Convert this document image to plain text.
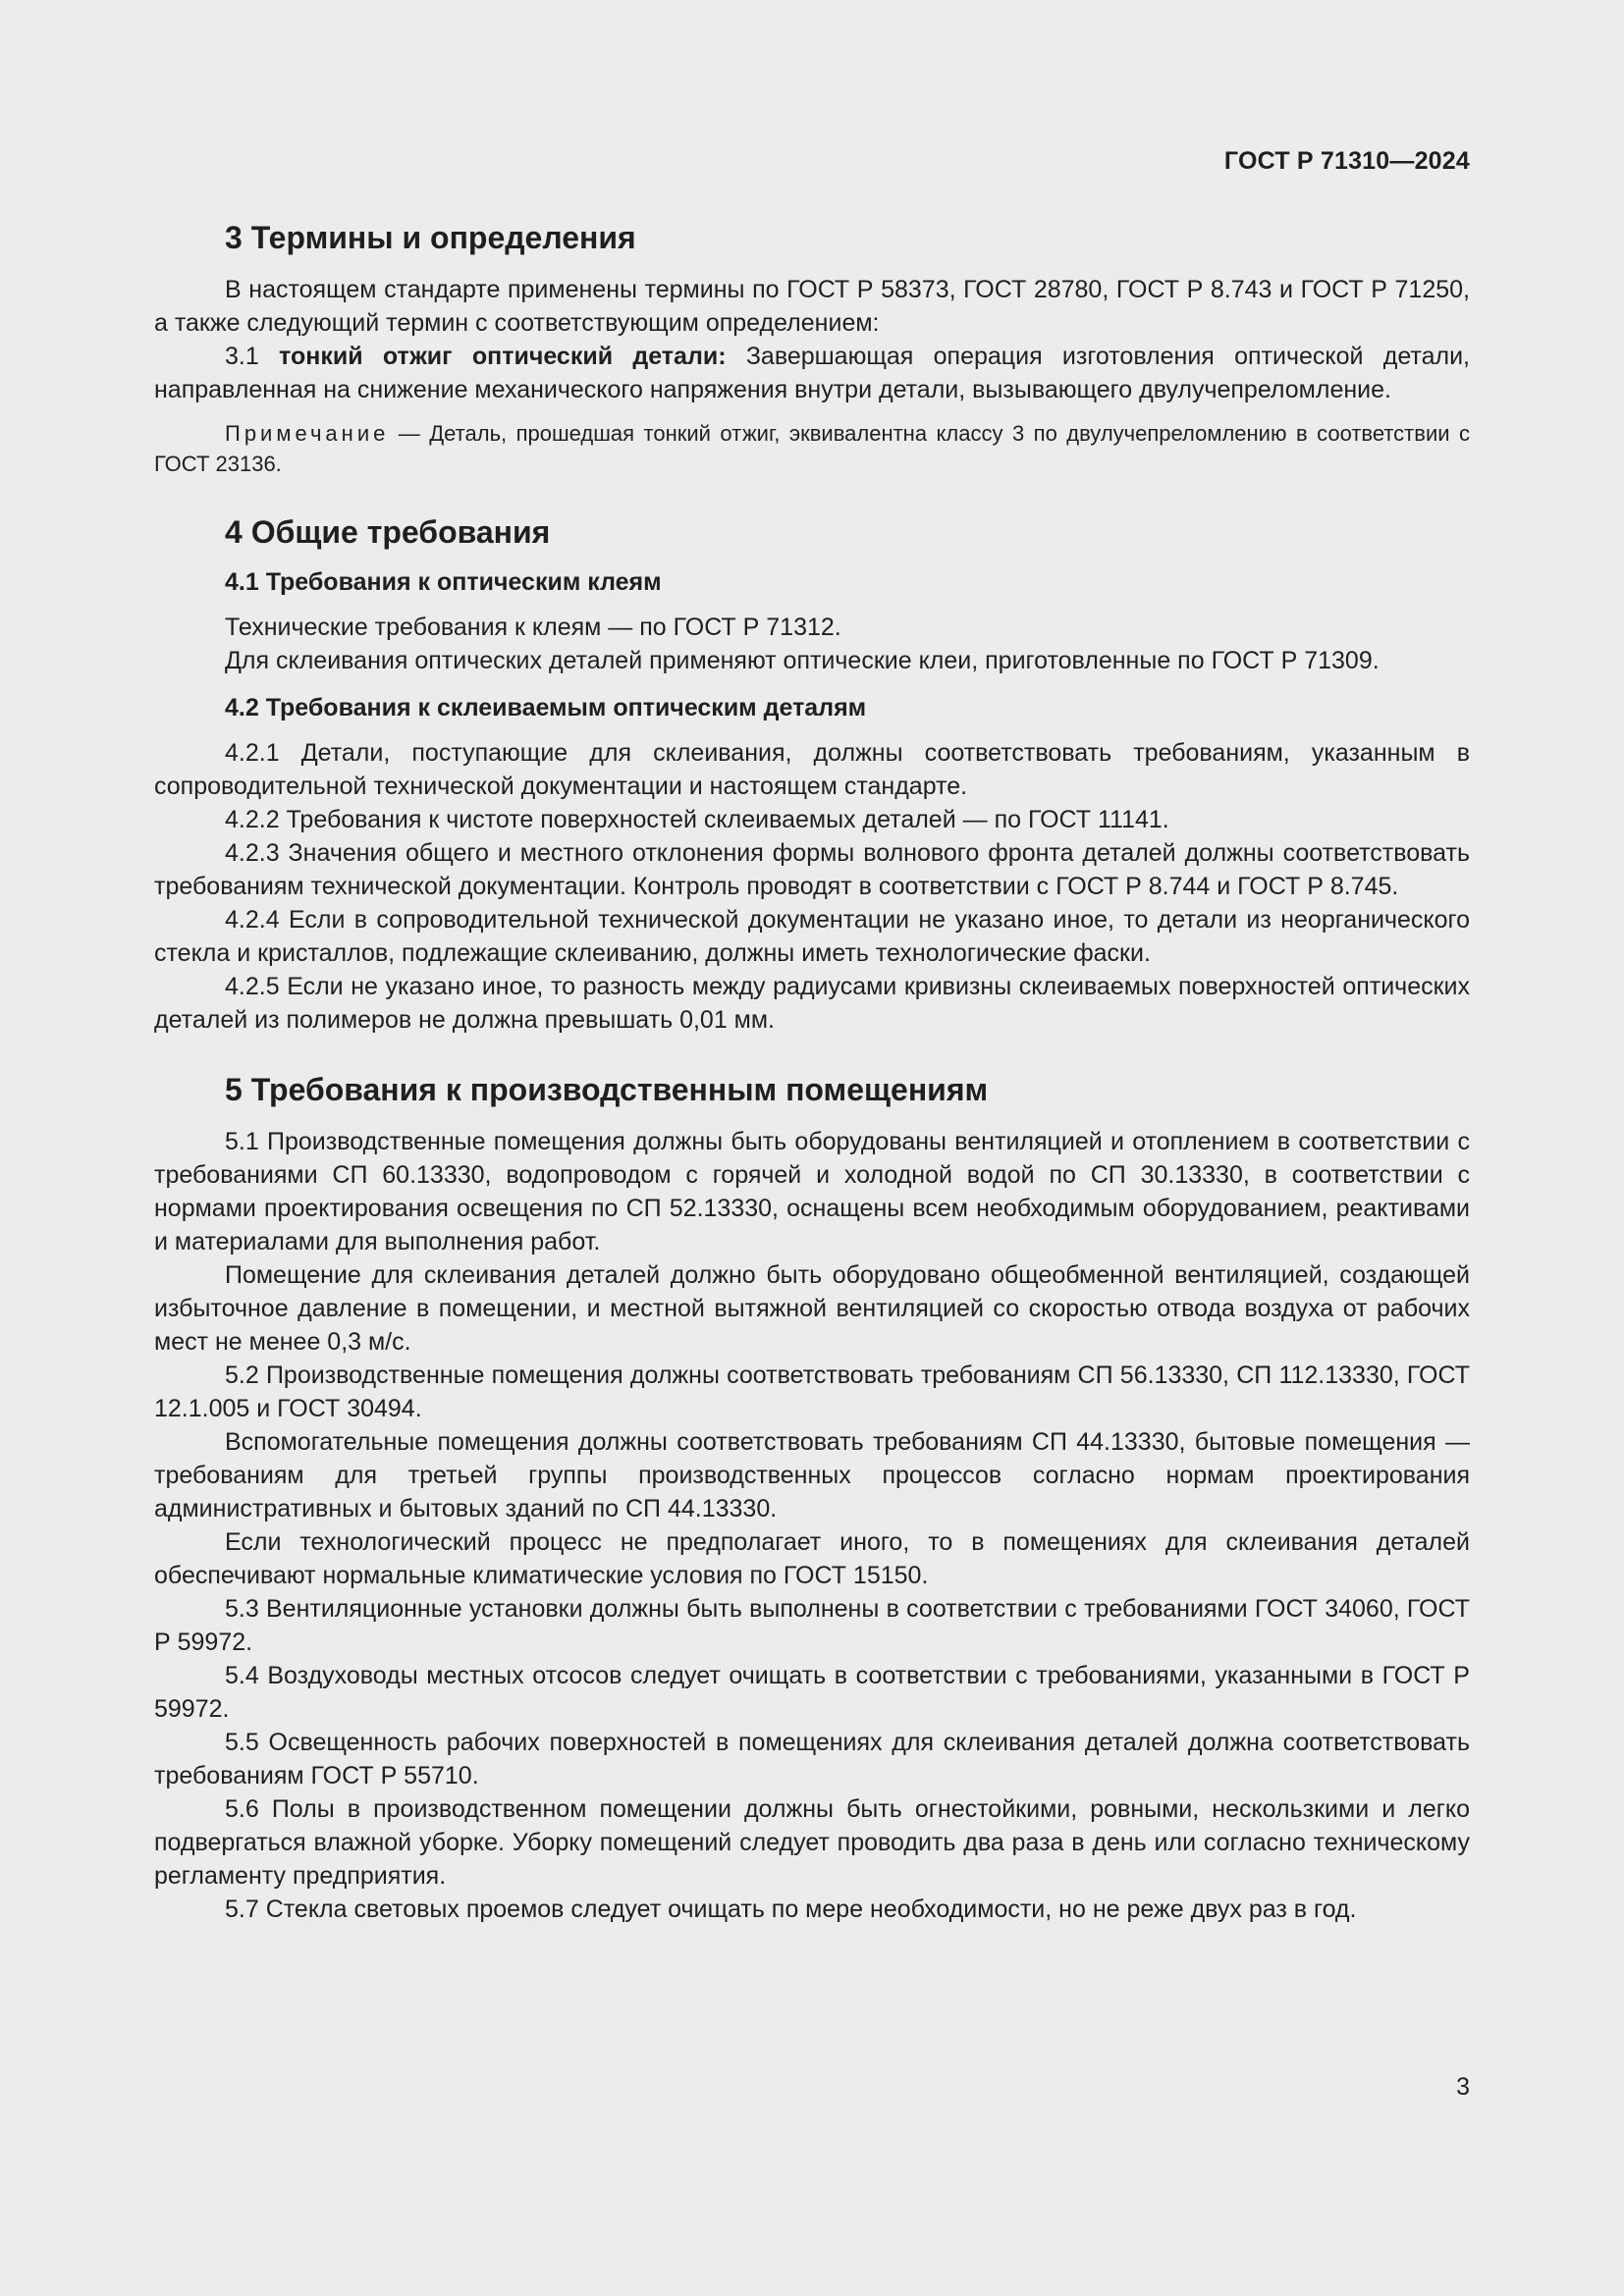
ГОСТ Р 71310—2024
3 Термины и определения

В настоящем стандарте применены термины по ГОСТ Р 58373, ГОСТ 28780, ГОСТ Р 8.743 и ГОСТ Р 71250, а также следующий термин с соответствующим определением:

3.1 тонкий отжиг оптический детали: Завершающая операция изготовления оптической детали, направленная на снижение механического напряжения внутри детали, вызывающего двулучепреломление.

Примечание — Деталь, прошедшая тонкий отжиг, эквивалентна классу 3 по двулучепреломлению в соответствии с ГОСТ 23136.

4 Общие требования
4.1 Требования к оптическим клеям

Технические требования к клеям — по ГОСТ Р 71312.

Для склеивания оптических деталей применяют оптические клеи, приготовленные по ГОСТ Р 71309.

4.2 Требования к склеиваемым оптическим деталям

4.2.1 Детали, поступающие для склеивания, должны соответствовать требованиям, указанным в сопроводительной технической документации и настоящем стандарте.

4.2.2 Требования к чистоте поверхностей склеиваемых деталей — по ГОСТ 11141.

4.2.3 Значения общего и местного отклонения формы волнового фронта деталей должны соответствовать требованиям технической документации. Контроль проводят в соответствии с ГОСТ Р 8.744 и ГОСТ Р 8.745.

4.2.4 Если в сопроводительной технической документации не указано иное, то детали из неорганического стекла и кристаллов, подлежащие склеиванию, должны иметь технологические фаски.

4.2.5 Если не указано иное, то разность между радиусами кривизны склеиваемых поверхностей оптических деталей из полимеров не должна превышать 0,01 мм.

5 Требования к производственным помещениям

5.1 Производственные помещения должны быть оборудованы вентиляцией и отоплением в соответствии с требованиями СП 60.13330, водопроводом с горячей и холодной водой по СП 30.13330, в соответствии с нормами проектирования освещения по СП 52.13330, оснащены всем необходимым оборудованием, реактивами и материалами для выполнения работ.

Помещение для склеивания деталей должно быть оборудовано общеобменной вентиляцией, создающей избыточное давление в помещении, и местной вытяжной вентиляцией со скоростью отвода воздуха от рабочих мест не менее 0,3 м/с.

5.2 Производственные помещения должны соответствовать требованиям СП 56.13330, СП 112.13330, ГОСТ 12.1.005 и ГОСТ 30494.

Вспомогательные помещения должны соответствовать требованиям СП 44.13330, бытовые помещения — требованиям для третьей группы производственных процессов согласно нормам проектирования административных и бытовых зданий по СП 44.13330.

Если технологический процесс не предполагает иного, то в помещениях для склеивания деталей обеспечивают нормальные климатические условия по ГОСТ 15150.

5.3 Вентиляционные установки должны быть выполнены в соответствии с требованиями ГОСТ 34060, ГОСТ Р 59972.

5.4 Воздуховоды местных отсосов следует очищать в соответствии с требованиями, указанными в ГОСТ Р 59972.

5.5 Освещенность рабочих поверхностей в помещениях для склеивания деталей должна соответствовать требованиям ГОСТ Р 55710.

5.6 Полы в производственном помещении должны быть огнестойкими, ровными, нескользкими и легко подвергаться влажной уборке. Уборку помещений следует проводить два раза в день или согласно техническому регламенту предприятия.

5.7 Стекла световых проемов следует очищать по мере необходимости, но не реже двух раз в год.

3
